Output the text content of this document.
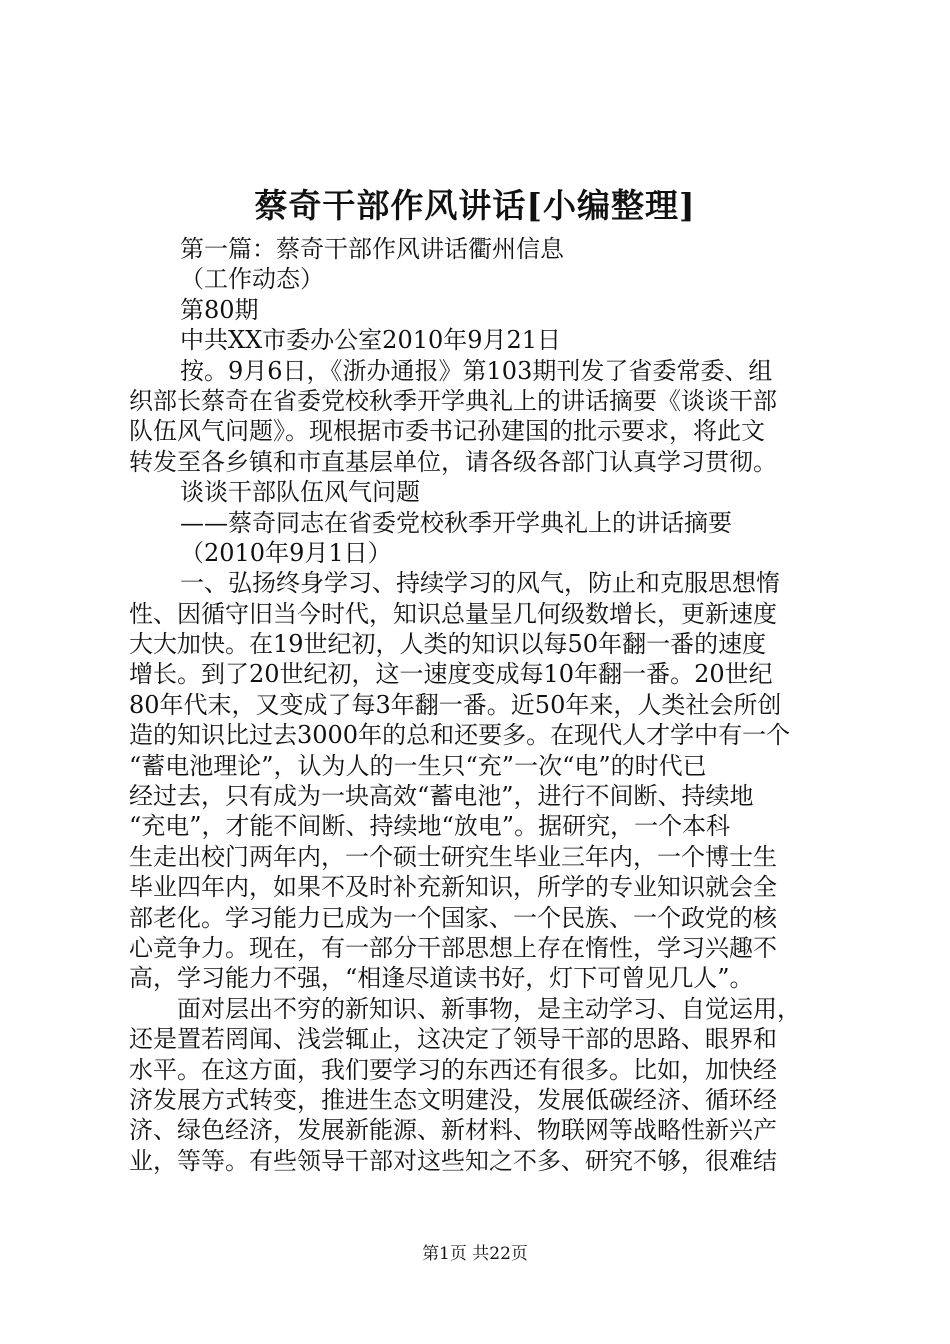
蔡奇干部作风讲话[小编整理]
第一篇：蔡奇干部作风讲话衢州信息
（工作动态）
第80期
中共XX市委办公室2010年9月21日
按。9月6日，《浙办通报》第103期刊发了省委常委、组
织部长蔡奇在省委党校秋季开学典礼上的讲话摘要《谈谈干部
队伍风气问题》。现根据市委书记孙建国的批示要求，将此文
转发至各乡镇和市直基层单位，请各级各部门认真学习贯彻。
谈谈干部队伍风气问题
——蔡奇同志在省委党校秋季开学典礼上的讲话摘要
（2010年9月1日）
一、弘扬终身学习、持续学习的风气，防止和克服思想惰
性、因循守旧当今时代，知识总量呈几何级数增长，更新速度
大大加快。在19世纪初，人类的知识以每50年翻一番的速度
增长。到了20世纪初，这一速度变成每10年翻一番。20世纪
80年代末，又变成了每3年翻一番。近50年来，人类社会所创
造的知识比过去3000年的总和还要多。在现代人才学中有一个
“蓄电池理论”，认为人的一生只“充”一次“电”的时代已
经过去，只有成为一块高效“蓄电池”，进行不间断、持续地
“充电”，才能不间断、持续地“放电”。据研究，一个本科
生走出校门两年内，一个硕士研究生毕业三年内，一个博士生
毕业四年内，如果不及时补充新知识，所学的专业知识就会全
部老化。学习能力已成为一个国家、一个民族、一个政党的核
心竞争力。现在，有一部分干部思想上存在惰性，学习兴趣不
高，学习能力不强，“相逢尽道读书好，灯下可曾见几人”。
面对层出不穷的新知识、新事物，是主动学习、自觉运用，
还是置若罔闻、浅尝辄止，这决定了领导干部的思路、眼界和
水平。在这方面，我们要学习的东西还有很多。比如，加快经
济发展方式转变，推进生态文明建没，发展低碳经济、循环经
济、绿色经济，发展新能源、新材料、物联网等战略性新兴产
业，等等。有些领导干部对这些知之不多、研究不够，很难结
第1页 共22页
